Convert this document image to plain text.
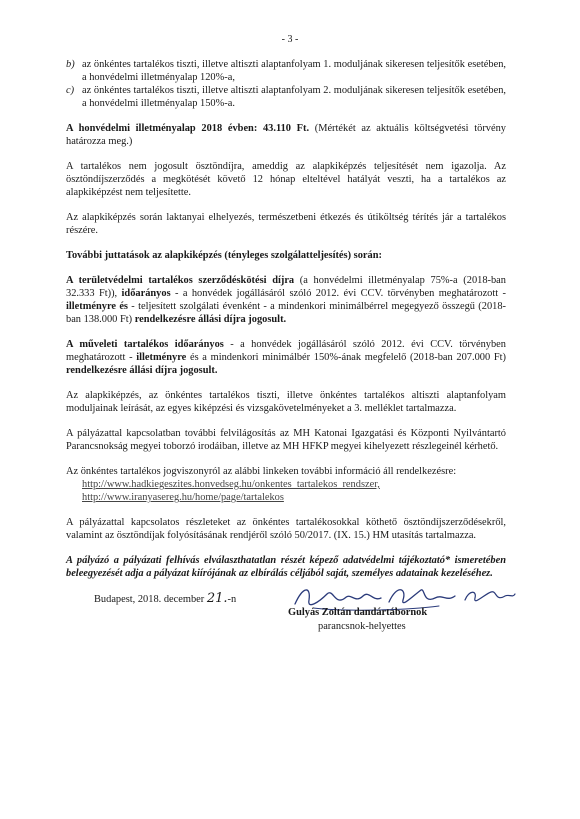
- 3 -
b) az önkéntes tartalékos tiszti, illetve altiszti alaptanfolyam 1. moduljának sikeresen teljesítők esetében, a honvédelmi illetményalap 120%-a,
c) az önkéntes tartalékos tiszti, illetve altiszti alaptanfolyam 2. moduljának sikeresen teljesítők esetében, a honvédelmi illetményalap 150%-a.

A honvédelmi illetményalap 2018 évben: 43.110 Ft. (Mértékét az aktuális költségvetési törvény határozza meg.)

A tartalékos nem jogosult ösztöndíjra, ameddig az alapkiképzés teljesítését nem igazolja. Az ösztöndíjszerződés a megkötését követő 12 hónap elteltével hatályát veszti, ha a tartalékos az alapkiképzést nem teljesítette.

Az alapkiképzés során laktanyai elhelyezés, természetbeni étkezés és útiköltség térítés jár a tartalékos részére.

További juttatások az alapkiképzés (tényleges szolgálatteljesítés) során:

A területvédelmi tartalékos szerződéskötési díjra (a honvédelmi illetményalap 75%-a (2018-ban 32.333 Ft)), időarányos - a honvédek jogállásáról szóló 2012. évi CCV. törvényben meghatározott - illetményre és - teljesített szolgálati évenként - a mindenkori minimálbérrel megegyező összegű (2018-ban 138.000 Ft) rendelkezésre állási díjra jogosult.

A műveleti tartalékos időarányos - a honvédek jogállásáról szóló 2012. évi CCV. törvényben meghatározott - illetményre és a mindenkori minimálbér 150%-ának megfelelő (2018-ban 207.000 Ft) rendelkezésre állási díjra jogosult.

Az alapkiképzés, az önkéntes tartalékos tiszti, illetve önkéntes tartalékos altiszti alaptanfolyam moduljainak leírását, az egyes kiképzési és vizsgakövetelményeket a 3. melléklet tartalmazza.

A pályázattal kapcsolatban további felvilágosítás az MH Katonai Igazgatási és Központi Nyilvántartó Parancsnokság megyei toborzó irodáiban, illetve az MH HFKP megyei kihelyezett részlegeinél kérhető.

Az önkéntes tartalékos jogviszonyról az alábbi linkeken további információ áll rendelkezésre:
http://www.hadkiegeszites.honvedseg.hu/onkentes_tartalekos_rendszer,
http://www.iranyasereg.hu/home/page/tartalekos

A pályázattal kapcsolatos részleteket az önkéntes tartalékosokkal köthető ösztöndíjszerződésekről, valamint az ösztöndíjak folyósításának rendjéről szóló 50/2017. (IX. 15.) HM utasítás tartalmazza.

A pályázó a pályázati felhívás elválaszthatatlan részét képező adatvédelmi tájékoztató* ismeretében beleegyezését adja a pályázat kiírójának az elbírálás céljából saját, személyes adatainak kezeléséhez.

Budapest, 2018. december 21.-n
Gulyás Zoltán dandártábornok
parancsnok-helyettes
